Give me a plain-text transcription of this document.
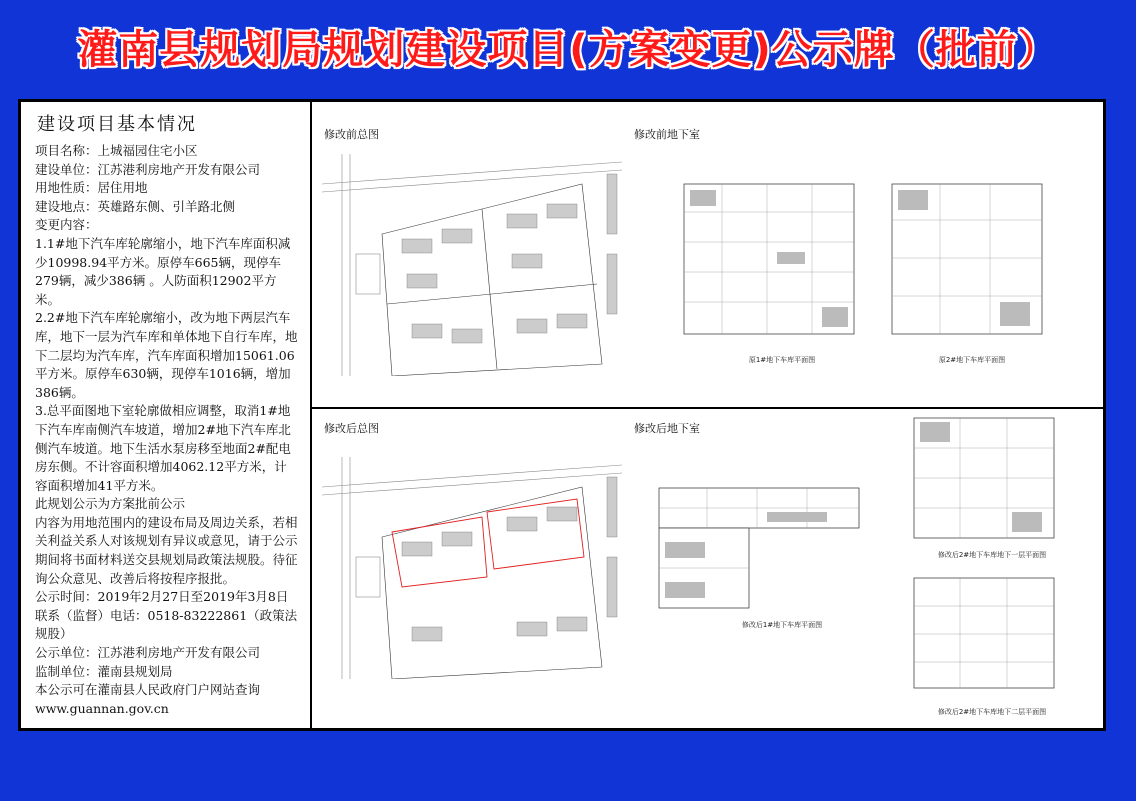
灌南县规划局规划建设项目(方案变更)公示牌（批前）
建设项目基本情况

项目名称：上城福园住宅小区

建设单位：江苏港利房地产开发有限公司

用地性质：居住用地

建设地点：英雄路东侧、引羊路北侧

变更内容：

1.1#地下汽车库轮廓缩小，地下汽车库面积减少10998.94平方米。原停车665辆，现停车279辆，减少386辆 。人防面积12902平方米。

2.2#地下汽车库轮廓缩小，改为地下两层汽车库，地下一层为汽车库和单体地下自行车库，地下二层均为汽车库，汽车库面积增加15061.06平方米。原停车630辆，现停车1016辆，增加386辆。

3.总平面图地下室轮廓做相应调整，取消1#地下汽车库南侧汽车坡道，增加2#地下汽车库北侧汽车坡道。地下生活水泵房移至地面2#配电房东侧。不计容面积增加4062.12平方米，计容面积增加41平方米。

此规划公示为方案批前公示

内容为用地范围内的建设布局及周边关系，若相关利益关系人对该规划有异议或意见，请于公示期间将书面材料送交县规划局政策法规股。待征询公众意见、改善后将按程序报批。

公示时间：2019年2月27日至2019年3月8日

联系（监督）电话：0518-83222861（政策法规股）

公示单位：江苏港利房地产开发有限公司

监制单位：灌南县规划局

本公示可在灌南县人民政府门户网站查询

www.guannan.gov.cn

修改前总图	修改前地下室
修改后总图	修改后地下室
原1#地下车库平面图	原2#地下车库平面图
修改后1#地下车库平面图
修改后2#地下车库地下一层平面图
修改后2#地下车库地下二层平面图
